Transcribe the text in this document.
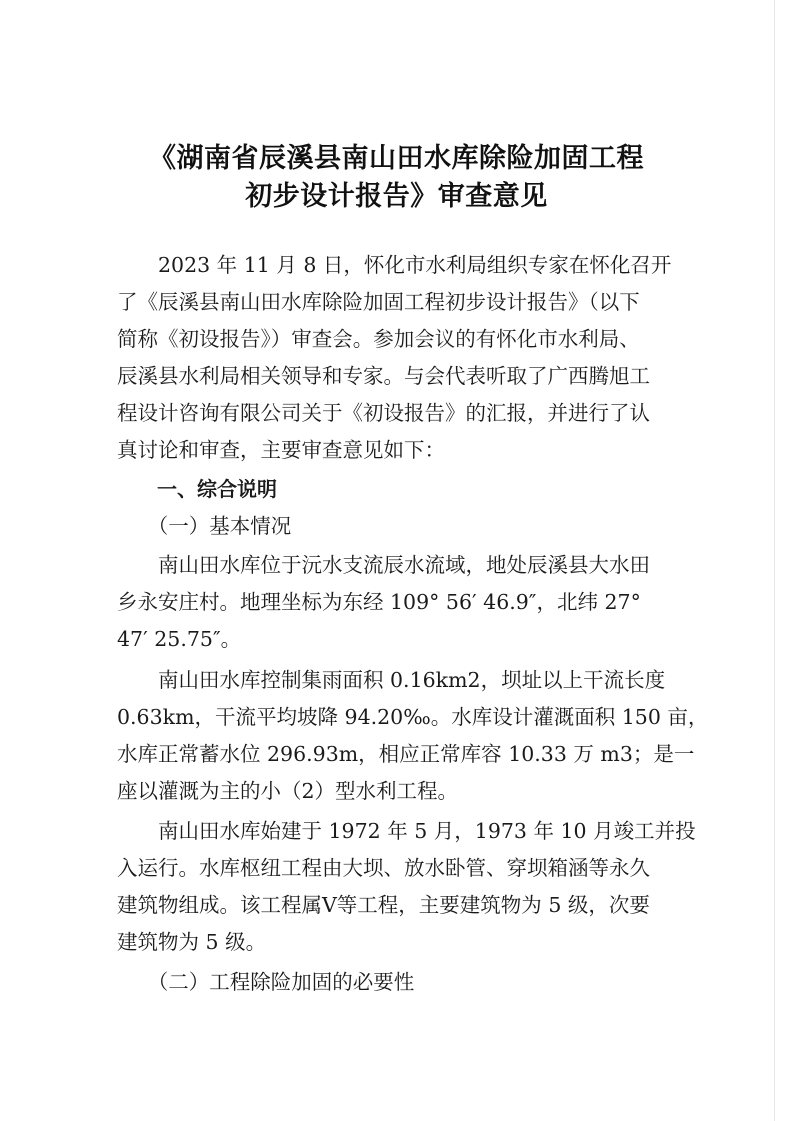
《湖南省辰溪县南山田水库除险加固工程
初步设计报告》审查意见
　　2023 年 11 月 8 日，怀化市水利局组织专家在怀化召开
了《辰溪县南山田水库除险加固工程初步设计报告》（以下
简称《初设报告》）审查会。参加会议的有怀化市水利局、
辰溪县水利局相关领导和专家。与会代表听取了广西腾旭工
程设计咨询有限公司关于《初设报告》的汇报，并进行了认
真讨论和审查，主要审查意见如下：
　　一、综合说明
　　（一）基本情况
　　南山田水库位于沅水支流辰水流域，地处辰溪县大水田
乡永安庄村。地理坐标为东经 109° 56′ 46.9″，北纬 27°
47′ 25.75″。
　　南山田水库控制集雨面积 0.16km2，坝址以上干流长度
0.63km，干流平均坡降 94.20‰。水库设计灌溉面积 150 亩，
水库正常蓄水位 296.93m，相应正常库容 10.33 万 m3；是一
座以灌溉为主的小（2）型水利工程。
　　南山田水库始建于 1972 年 5 月，1973 年 10 月竣工并投
入运行。水库枢纽工程由大坝、放水卧管、穿坝箱涵等永久
建筑物组成。该工程属Ⅴ等工程，主要建筑物为 5 级，次要
建筑物为 5 级。
　　（二）工程除险加固的必要性
